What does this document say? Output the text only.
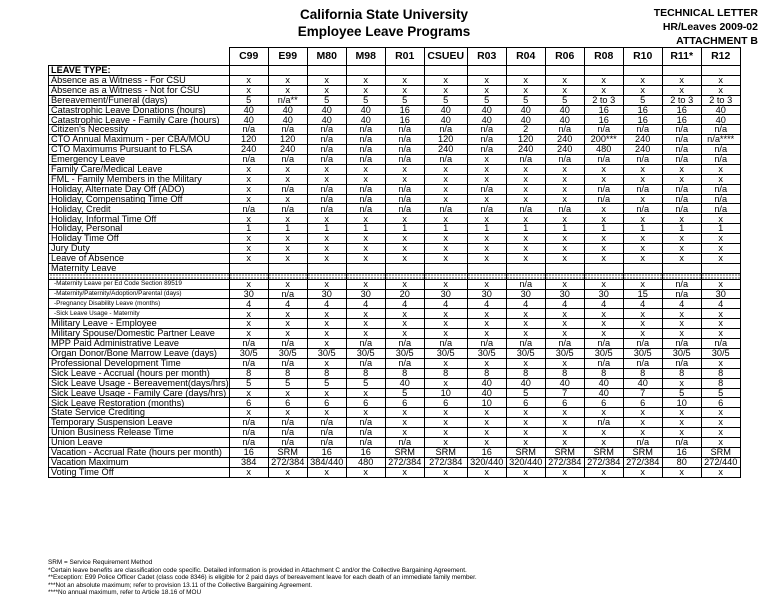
California State University
Employee Leave Programs
TECHNICAL LETTER
HR/Leaves 2009-02
ATTACHMENT B
	C99	E99	M80	M98	R01	CSUEU	R03	R04	R06	R08	R10	R11*	R12
LEAVE TYPE:													
Absence as a Witness - For CSU	x	x	x	x	x	x	x	x	x	x	x	x	x
Absence as a Witness - Not for CSU	x	x	x	x	x	x	x	x	x	x	x	x	x
Bereavement/Funeral (days)	5	n/a**	5	5	5	5	5	5	5	2 to 3	5	2 to 3	2 to 3
Catastrophic Leave Donations (hours)	40	40	40	40	16	40	40	40	40	16	16	16	40
Catastrophic Leave - Family Care (hours)	40	40	40	40	16	40	40	40	40	16	16	16	40
Citizen's Necessity	n/a	n/a	n/a	n/a	n/a	n/a	n/a	2	n/a	n/a	n/a	n/a	n/a
CTO Annual Maximum - per CBA/MOU	120	120	n/a	n/a	n/a	120	n/a	120	240	200***	240	n/a	n/a****
CTO Maximums Pursuant to FLSA	240	240	n/a	n/a	n/a	240	n/a	240	240	480	240	n/a	n/a
Emergency Leave	n/a	n/a	n/a	n/a	n/a	n/a	x	n/a	n/a	n/a	n/a	n/a	n/a
Family Care/Medical Leave	x	x	x	x	x	x	x	x	x	x	x	x	x
FML - Family Members in the Military	x	x	x	x	x	x	x	x	x	x	x	x	x
Holiday, Alternate Day Off (ADO)	x	n/a	n/a	n/a	n/a	x	n/a	x	x	n/a	n/a	n/a	n/a
Holiday, Compensating Time Off	x	x	n/a	n/a	n/a	x	x	x	x	n/a	x	n/a	n/a
Holiday, Credit	n/a	n/a	n/a	n/a	n/a	n/a	n/a	n/a	n/a	x	n/a	n/a	n/a
Holiday, Informal Time Off	x	x	x	x	x	x	x	x	x	x	x	x	x
Holiday, Personal	1	1	1	1	1	1	1	1	1	1	1	1	1
Holiday Time Off	x	x	x	x	x	x	x	x	x	x	x	x	x
Jury Duty	x	x	x	x	x	x	x	x	x	x	x	x	x
Leave of Absence	x	x	x	x	x	x	x	x	x	x	x	x	x
Maternity Leave													

-Maternity Leave per Ed Code Section 89519	x	x	x	x	x	x	x	n/a	x	x	x	n/a	x
-Maternity/Paternity/Adoption/Parental (days)	30	n/a	30	30	20	30	30	30	30	30	15	n/a	30
-Pregnancy Disability Leave (months)	4	4	4	4	4	4	4	4	4	4	4	4	4
-Sick Leave Usage - Maternity	x	x	x	x	x	x	x	x	x	x	x	x	x
Military Leave - Employee	x	x	x	x	x	x	x	x	x	x	x	x	x
Military Spouse/Domestic Partner Leave	x	x	x	x	x	x	x	x	x	x	x	x	x
MPP Paid Administrative Leave	n/a	n/a	x	n/a	n/a	n/a	n/a	n/a	n/a	n/a	n/a	n/a	n/a
Organ Donor/Bone Marrow Leave (days)	30/5	30/5	30/5	30/5	30/5	30/5	30/5	30/5	30/5	30/5	30/5	30/5	30/5
Professional Development Time	n/a	n/a	x	n/a	n/a	x	x	x	x	n/a	n/a	n/a	x
Sick Leave - Accrual (hours per month)	8	8	8	8	8	8	8	8	8	8	8	8	8
Sick Leave Usage - Bereavement(days/hrs)	5	5	5	5	40	x	40	40	40	40	40	x	8
Sick Leave Usage - Family Care (days/hrs)	x	x	x	x	5	10	40	5	7	40	7	5	5
Sick Leave Restoration (months)	6	6	6	6	6	6	10	6	6	6	6	10	6
State Service Crediting	x	x	x	x	x	x	x	x	x	x	x	x	x
Temporary Suspension Leave	n/a	n/a	n/a	n/a	x	x	x	x	x	n/a	x	x	x
Union Business Release Time	n/a	n/a	n/a	n/a	x	x	x	x	x	x	x	x	x
Union Leave	n/a	n/a	n/a	n/a	n/a	x	x	x	x	x	n/a	n/a	x
Vacation - Accrual Rate (hours per month)	16	SRM	16	16	SRM	SRM	16	SRM	SRM	SRM	SRM	16	SRM
Vacation Maximum	384	272/384	384/440	480	272/384	272/384	320/440	320/440	272/384	272/384	272/384	80	272/440
Voting Time Off	x	x	x	x	x	x	x	x	x	x	x	x	x
SRM = Service Requirement Method
*Certain leave benefits are classification code specific. Detailed information is provided in Attachment C and/or the Collective Bargaining Agreement.
**Exception: E99 Police Officer Cadet (class code 8346) is eligible for 2 paid days of bereavement leave for each death of an immediate family member.
***Not an absolute maximum; refer to provision 13.11 of the Collective Bargaining Agreement.
****No annual maximum, refer to Article 18.16 of MOU
